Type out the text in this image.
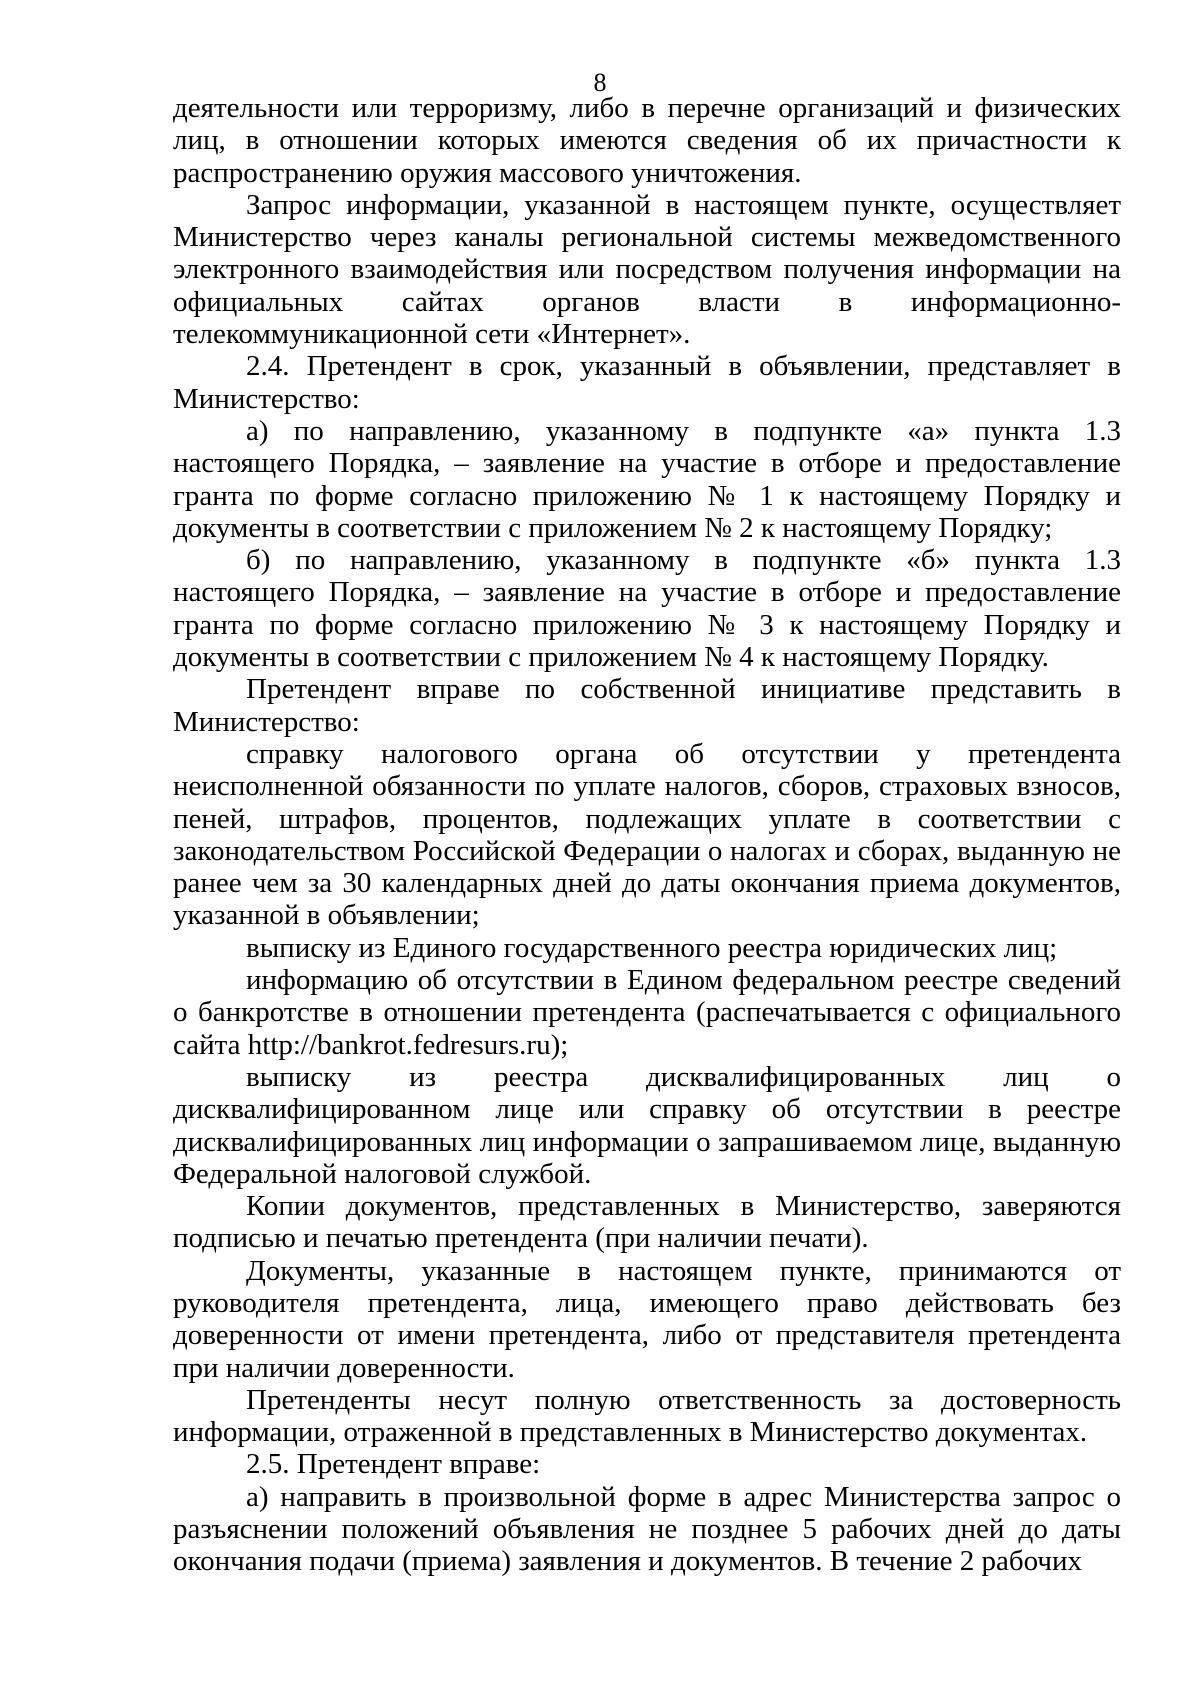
8

деятельности или терроризму, либо в перечне организаций и физических лиц, в отношении которых имеются сведения об их причастности к распространению оружия массового уничтожения.

Запрос информации, указанной в настоящем пункте, осуществляет Министерство через каналы региональной системы межведомственного электронного взаимодействия или посредством получения информации на официальных сайтах органов власти в информационно-телекоммуникационной сети «Интернет».

2.4. Претендент в срок, указанный в объявлении, представляет в Министерство:

а) по направлению, указанному в подпункте «а» пункта 1.3 настоящего Порядка, – заявление на участие в отборе и предоставление гранта по форме согласно приложению № 1 к настоящему Порядку и документы в соответствии с приложением № 2 к настоящему Порядку;

б) по направлению, указанному в подпункте «б» пункта 1.3 настоящего Порядка, – заявление на участие в отборе и предоставление гранта по форме согласно приложению № 3 к настоящему Порядку и документы в соответствии с приложением № 4 к настоящему Порядку.

Претендент вправе по собственной инициативе представить в Министерство:

справку налогового органа об отсутствии у претендента неисполненной обязанности по уплате налогов, сборов, страховых взносов, пеней, штрафов, процентов, подлежащих уплате в соответствии с законодательством Российской Федерации о налогах и сборах, выданную не ранее чем за 30 календарных дней до даты окончания приема документов, указанной в объявлении;

выписку из Единого государственного реестра юридических лиц;

информацию об отсутствии в Едином федеральном реестре сведений о банкротстве в отношении претендента (распечатывается с официального сайта http://bankrot.fedresurs.ru);

выписку из реестра дисквалифицированных лиц о дисквалифицированном лице или справку об отсутствии в реестре дисквалифицированных лиц информации о запрашиваемом лице, выданную Федеральной налоговой службой.

Копии документов, представленных в Министерство, заверяются подписью и печатью претендента (при наличии печати).

Документы, указанные в настоящем пункте, принимаются от руководителя претендента, лица, имеющего право действовать без доверенности от имени претендента, либо от представителя претендента при наличии доверенности.

Претенденты несут полную ответственность за достоверность информации, отраженной в представленных в Министерство документах.

2.5. Претендент вправе:

а) направить в произвольной форме в адрес Министерства запрос о разъяснении положений объявления не позднее 5 рабочих дней до даты окончания подачи (приема) заявления и документов. В течение 2 рабочих
